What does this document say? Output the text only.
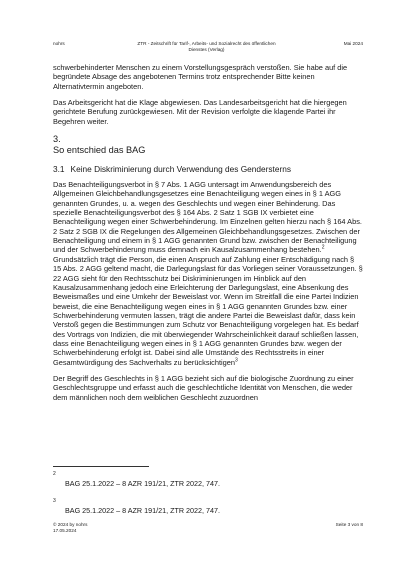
nohrs	ZTR - Zeitschrift für Tarif-, Arbeits- und Sozialrecht des öffentlichen
Dienstes (Verlag)
Mai 2024

schwerbehinderter Menschen zu einem Vorstellungsgespräch verstoßen. Sie habe auf die begründete Absage des angebotenen Termins trotz entsprechender Bitte keinen Alternativtermin angeboten.

Das Arbeitsgericht hat die Klage abgewiesen. Das Landesarbeitsgericht hat die hiergegen gerichtete Berufung zurückgewiesen. Mit der Revision verfolgte die klagende Partei ihr Begehren weiter.

3.
So entschied das BAG
3.1 Keine Diskriminierung durch Verwendung des Gendersterns

Das Benachteiligungsverbot in § 7 Abs. 1 AGG untersagt im Anwendungsbereich des Allgemeinen Gleichbehandlungsgesetzes eine Benachteiligung wegen eines in § 1 AGG genannten Grundes, u. a. wegen des Geschlechts und wegen einer Behinderung. Das spezielle Benachteiligungsverbot des § 164 Abs. 2 Satz 1 SGB IX verbietet eine Benachteiligung wegen einer Schwerbehinderung. Im Einzelnen gelten hierzu nach § 164 Abs. 2 Satz 2 SGB IX die Regelungen des Allgemeinen Gleichbehandlungsgesetzes. Zwischen der Benachteiligung und einem in § 1 AGG genannten Grund bzw. zwischen der Benachteiligung und der Schwerbehinderung muss demnach ein Kausalzusammenhang bestehen.$^2$ Grundsätzlich trägt die Person, die einen Anspruch auf Zahlung einer Entschädigung nach § 15 Abs. 2 AGG geltend macht, die Darlegungslast für das Vorliegen seiner Voraussetzungen. § 22 AGG sieht für den Rechtsschutz bei Diskriminierungen im Hinblick auf den Kausalzusammenhang jedoch eine Erleichterung der Darlegungslast, eine Absenkung des Beweismaßes und eine Umkehr der Beweislast vor. Wenn im Streitfall die eine Partei Indizien beweist, die eine Benachteiligung wegen eines in § 1 AGG genannten Grundes bzw. einer Schwerbehinderung vermuten lassen, trägt die andere Partei die Beweislast dafür, dass kein Verstoß gegen die Bestimmungen zum Schutz vor Benachteiligung vorgelegen hat. Es bedarf des Vortrags von Indizien, die mit überwiegender Wahrscheinlichkeit darauf schließen lassen, dass eine Benachteiligung wegen eines in § 1 AGG genannten Grundes bzw. wegen der Schwerbehinderung erfolgt ist. Dabei sind alle Umstände des Rechtsstreits in einer Gesamtwürdigung des Sachverhalts zu berücksichtigen$^3$

Der Begriff des Geschlechts in § 1 AGG bezieht sich auf die biologische Zuordnung zu einer Geschlechtsgruppe und erfasst auch die geschlechtliche Identität von Menschen, die weder dem männlichen noch dem weiblichen Geschlecht zuzuordnen

2
BAG 25.1.2022 – 8 AZR 191/21, ZTR 2022, 747.
3
BAG 25.1.2022 – 8 AZR 191/21, ZTR 2022, 747.
© 2024 by nohrs
17.05.2024
Seite 3 von 8
